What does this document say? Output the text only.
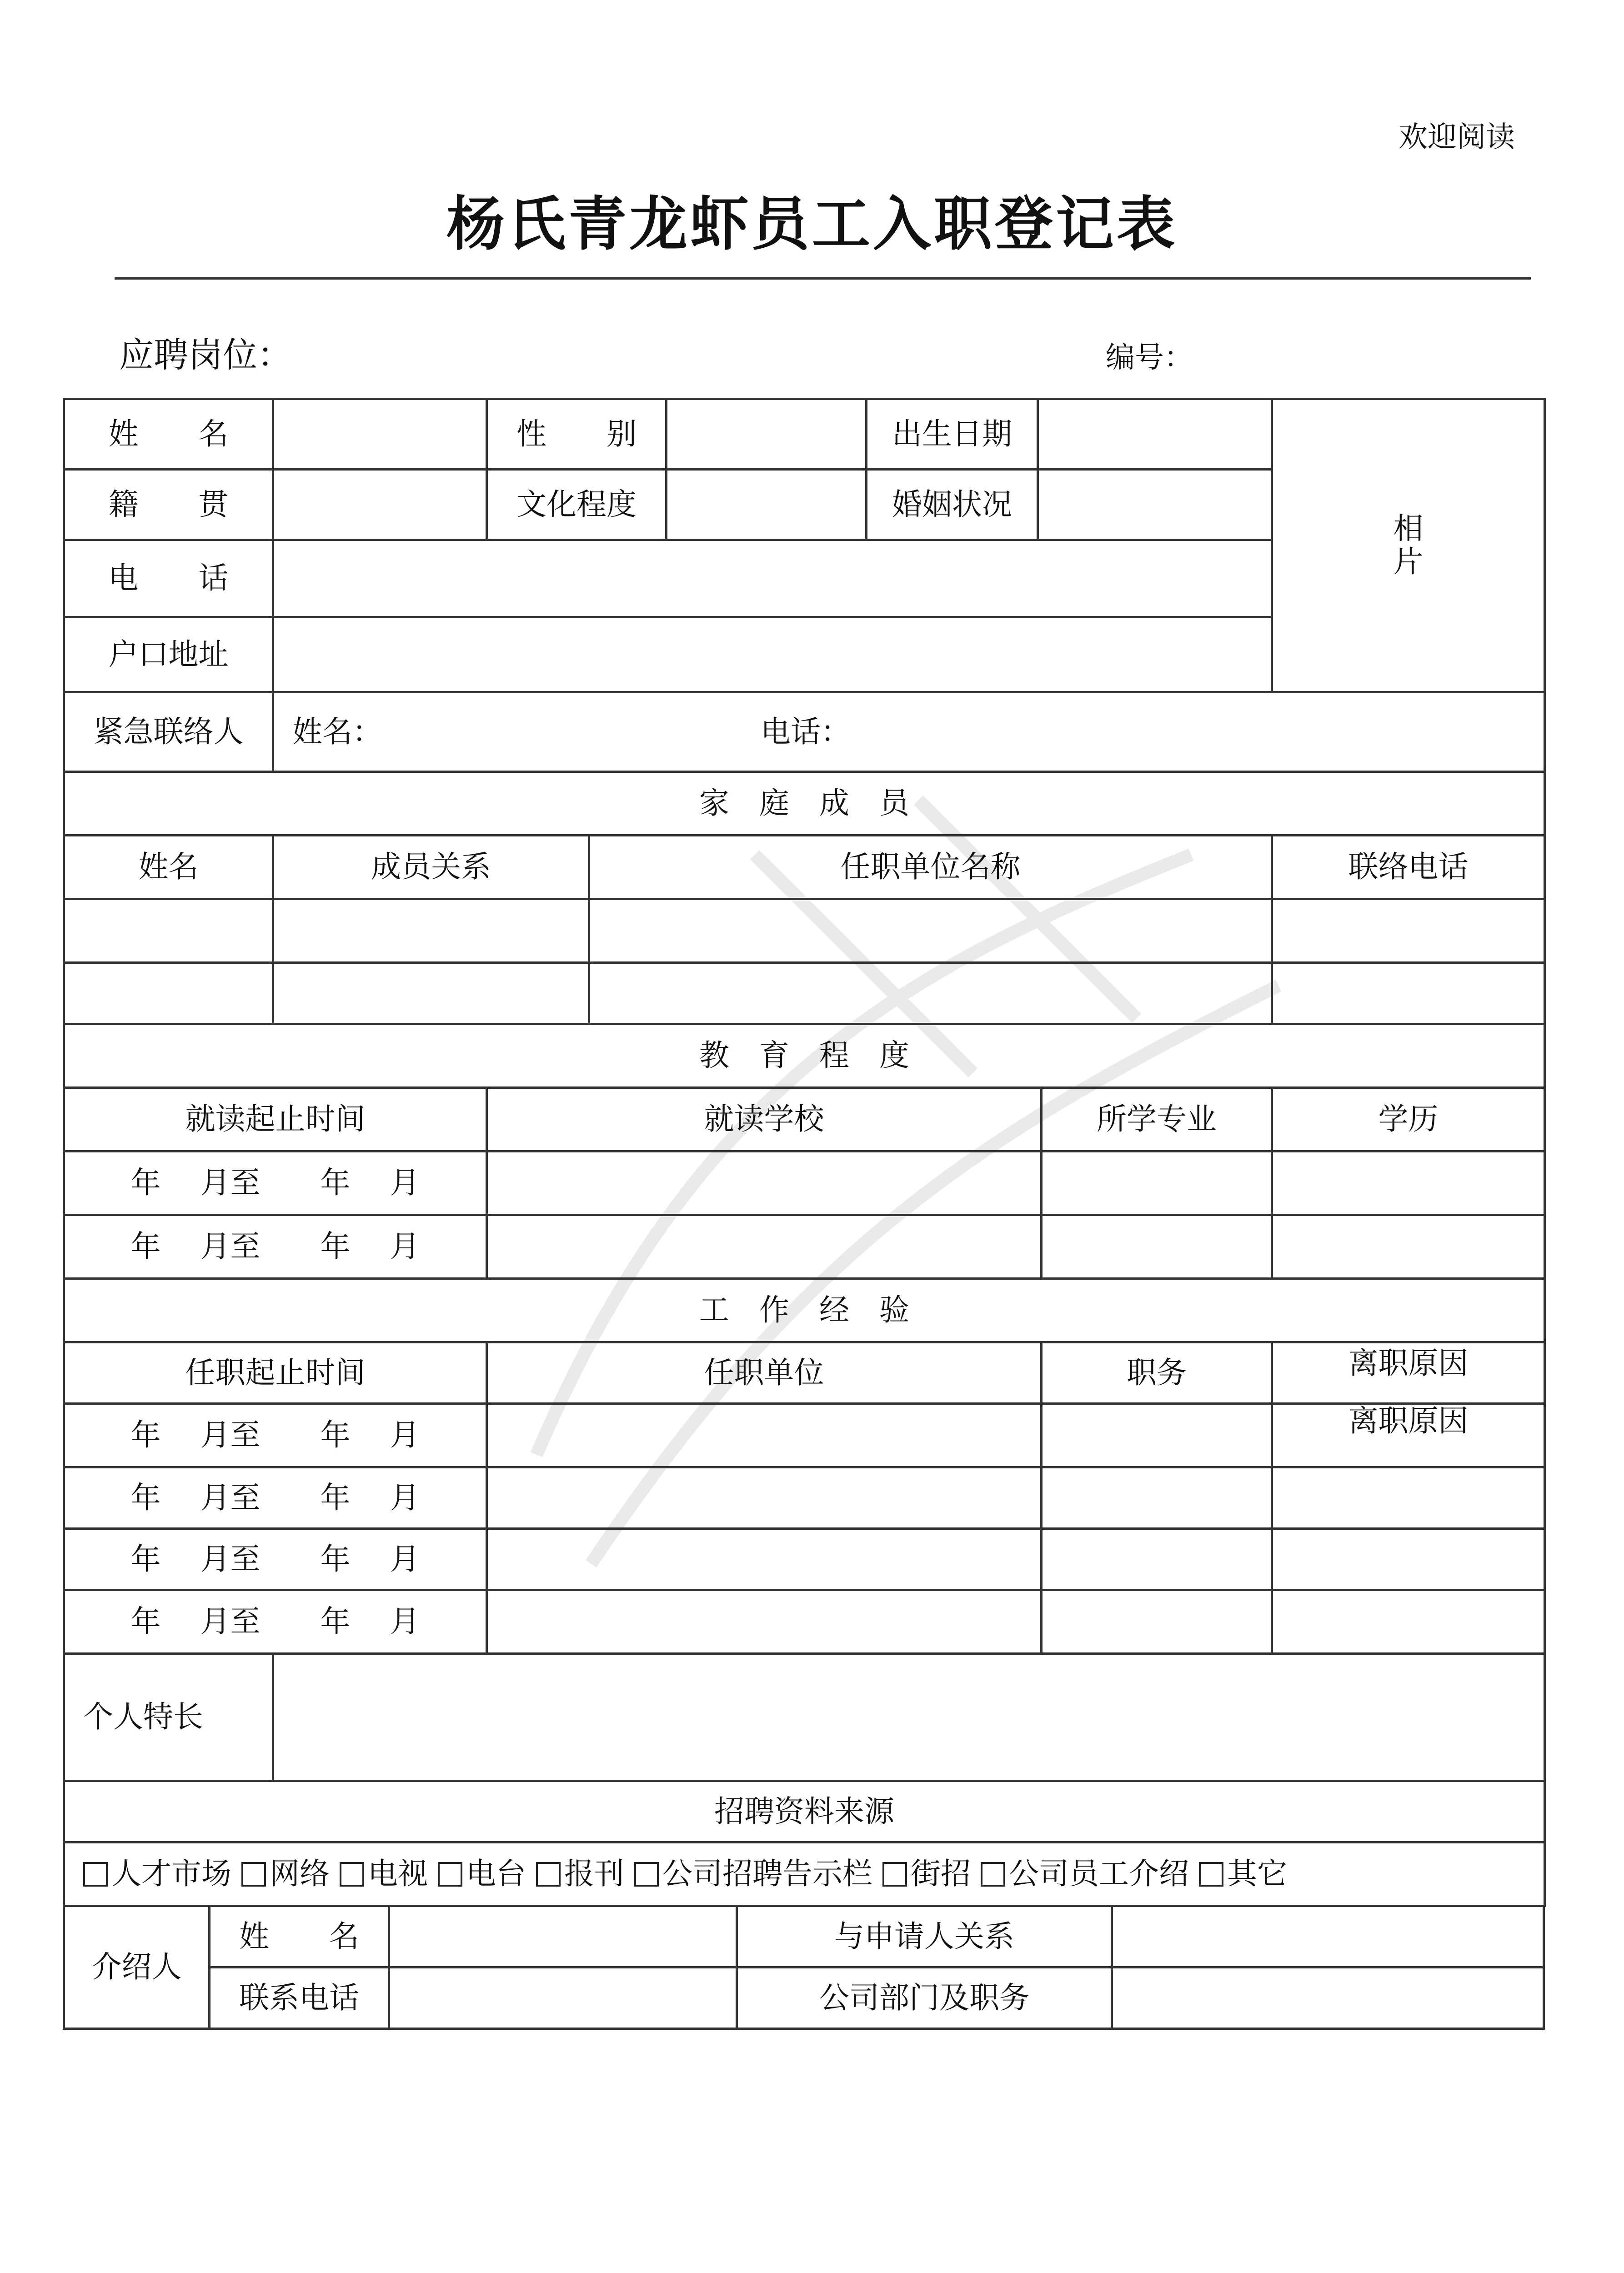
欢迎阅读
杨氏青龙虾员工入职登记表
应聘岗位：	编号：
姓　　名	性　　别	出生日期
相
片
籍　　贯	文化程度	婚姻状况
电　　话
户口地址
紧急联络人	姓名：	电话：
家　庭　成　员
姓名	成员关系	任职单位名称	联络电话
教　育　程　度
就读起止时间	就读学校	所学专业	学历
年　 月至　　年　 月
年　 月至　　年　 月
工　作　经　验
任职起止时间	任职单位	职务	离职原因
年　 月至　　年　 月	离职原因
年　 月至　　年　 月
年　 月至　　年　 月
年　 月至　　年　 月
个人特长
招聘资料来源
人才市场 网络 电视 电台 报刊 公司招聘告示栏 街招 公司员工介绍 其它
介绍人
姓　　名	与申请人关系
联系电话	公司部门及职务
